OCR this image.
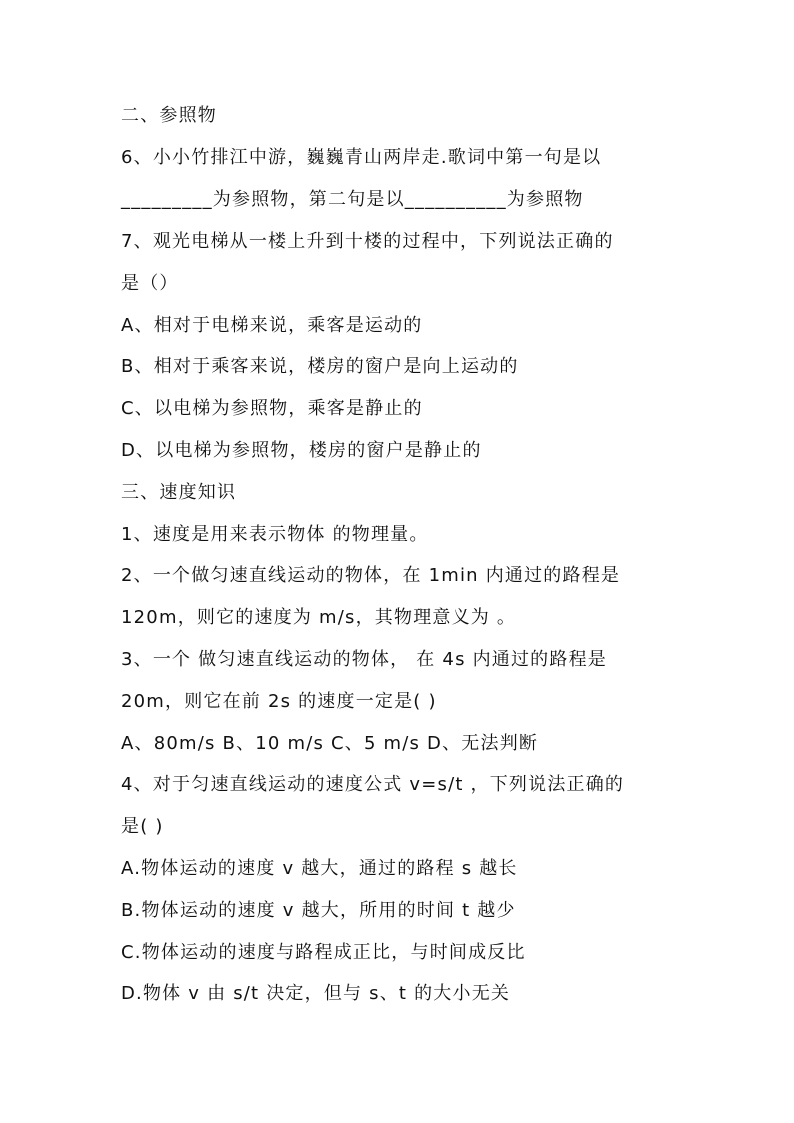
二、参照物
6、小小竹排江中游，巍巍青山两岸走.歌词中第一句是以
_________为参照物，第二句是以__________为参照物
7、观光电梯从一楼上升到十楼的过程中，下列说法正确的
是（）
A、相对于电梯来说，乘客是运动的
B、相对于乘客来说，楼房的窗户是向上运动的
C、以电梯为参照物，乘客是静止的
D、以电梯为参照物，楼房的窗户是静止的
三、速度知识
1、速度是用来表示物体 的物理量。
2、一个做匀速直线运动的物体，在 1min 内通过的路程是
120m，则它的速度为 m/s，其物理意义为 。
3、一个 做匀速直线运动的物体， 在 4s 内通过的路程是
20m，则它在前 2s 的速度一定是( )
A、80m/s B、10 m/s C、5 m/s D、无法判断
4、对于匀速直线运动的速度公式 v=s/t ，下列说法正确的
是( )
A.物体运动的速度 v 越大，通过的路程 s 越长
B.物体运动的速度 v 越大，所用的时间 t 越少
C.物体运动的速度与路程成正比，与时间成反比
D.物体 v 由 s/t 决定，但与 s、t 的大小无关
